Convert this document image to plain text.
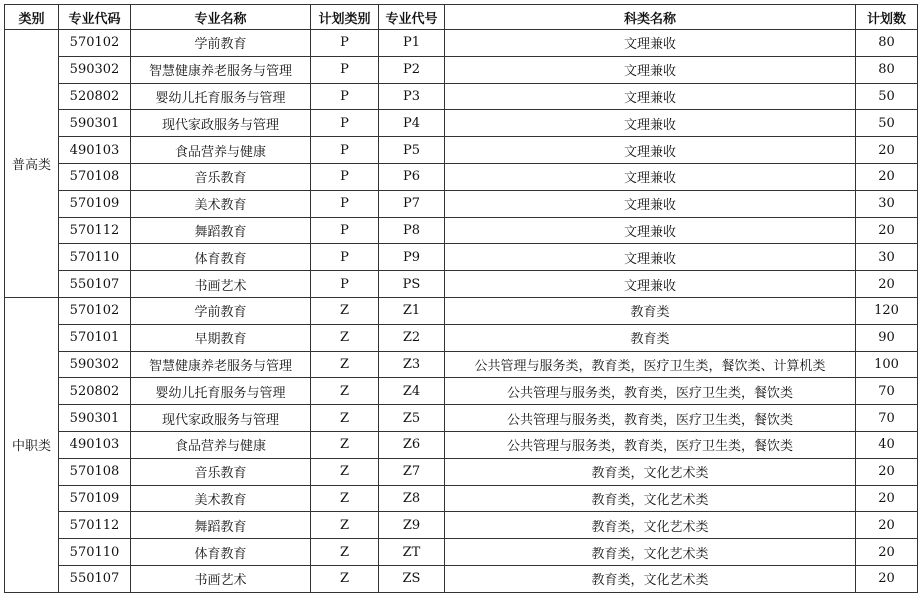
类别	专业代码	专业名称	计划类别	专业代号	科类名称	计划数
普高类	570102	学前教育	P	P1	文理兼收	80
	590302	智慧健康养老服务与管理	P	P2	文理兼收	80
	520802	婴幼儿托育服务与管理	P	P3	文理兼收	50
	590301	现代家政服务与管理	P	P4	文理兼收	50
	490103	食品营养与健康	P	P5	文理兼收	20
	570108	音乐教育	P	P6	文理兼收	20
	570109	美术教育	P	P7	文理兼收	30
	570112	舞蹈教育	P	P8	文理兼收	20
	570110	体育教育	P	P9	文理兼收	30
	550107	书画艺术	P	PS	文理兼收	20
中职类	570102	学前教育	Z	Z1	教育类	120
	570101	早期教育	Z	Z2	教育类	90
	590302	智慧健康养老服务与管理	Z	Z3	公共管理与服务类，教育类，医疗卫生类，餐饮类、计算机类	100
	520802	婴幼儿托育服务与管理	Z	Z4	公共管理与服务类，教育类，医疗卫生类，餐饮类	70
	590301	现代家政服务与管理	Z	Z5	公共管理与服务类，教育类，医疗卫生类，餐饮类	70
	490103	食品营养与健康	Z	Z6	公共管理与服务类，教育类，医疗卫生类，餐饮类	40
	570108	音乐教育	Z	Z7	教育类，文化艺术类	20
	570109	美术教育	Z	Z8	教育类，文化艺术类	20
	570112	舞蹈教育	Z	Z9	教育类，文化艺术类	20
	570110	体育教育	Z	ZT	教育类，文化艺术类	20
	550107	书画艺术	Z	ZS	教育类，文化艺术类	20
